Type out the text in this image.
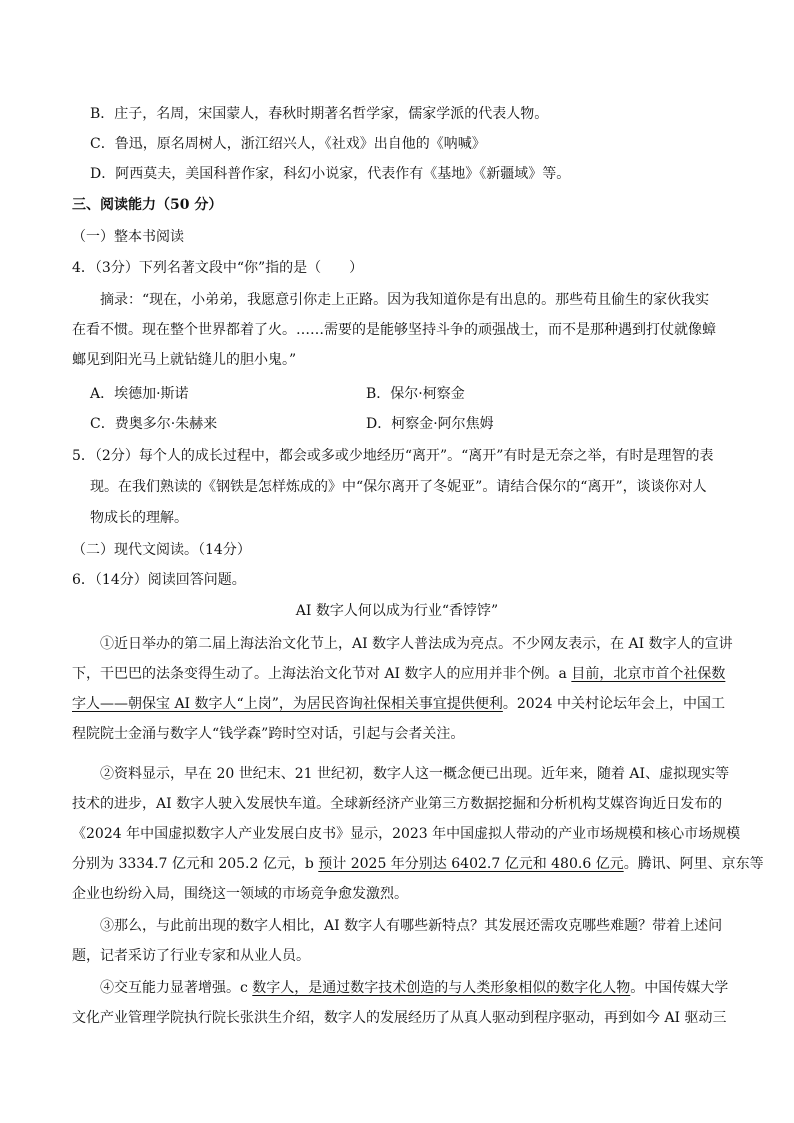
B．庄子，名周，宋国蒙人，春秋时期著名哲学家，儒家学派的代表人物。
C．鲁迅，原名周树人，浙江绍兴人，《社戏》出自他的《呐喊》
D．阿西莫夫，美国科普作家，科幻小说家，代表作有《基地》《新疆域》等。
三、阅读能力（50 分）
（一）整本书阅读
4．（3分）下列名著文段中“你”指的是（　　）
摘录：“现在，小弟弟，我愿意引你走上正路。因为我知道你是有出息的。那些苟且偷生的家伙我实
在看不惯。现在整个世界都着了火。……需要的是能够坚持斗争的顽强战士，而不是那种遇到打仗就像蟑
螂见到阳光马上就钻缝儿的胆小鬼。”
A．埃德加·斯诺	B．保尔·柯察金
C．费奥多尔·朱赫来	D．柯察金·阿尔焦姆
5．（2分）每个人的成长过程中，都会或多或少地经历“离开”。“离开”有时是无奈之举，有时是理智的表
现。在我们熟读的《钢铁是怎样炼成的》中“保尔离开了冬妮亚”。请结合保尔的“离开”，谈谈你对人
物成长的理解。
（二）现代文阅读。（14分）
6．（14分）阅读回答问题。
AI 数字人何以成为行业“香饽饽”
①近日举办的第二届上海法治文化节上，AI 数字人普法成为亮点。不少网友表示，在 AI 数字人的宣讲
下，干巴巴的法条变得生动了。上海法治文化节对 AI 数字人的应用并非个例。a 目前，北京市首个社保数
字人——朝保宝 AI 数字人“上岗”，为居民咨询社保相关事宜提供便利。2024 中关村论坛年会上，中国工
程院院士金涌与数字人“钱学森”跨时空对话，引起与会者关注。
②资料显示，早在 20 世纪末、21 世纪初，数字人这一概念便已出现。近年来，随着 AI、虚拟现实等
技术的进步，AI 数字人驶入发展快车道。全球新经济产业第三方数据挖掘和分析机构艾媒咨询近日发布的
《2024 年中国虚拟数字人产业发展白皮书》显示，2023 年中国虚拟人带动的产业市场规模和核心市场规模
分别为 3334.7 亿元和 205.2 亿元，b 预计 2025 年分别达 6402.7 亿元和 480.6 亿元。腾讯、阿里、京东等
企业也纷纷入局，围绕这一领域的市场竞争愈发激烈。
③那么，与此前出现的数字人相比，AI 数字人有哪些新特点？其发展还需攻克哪些难题？带着上述问
题，记者采访了行业专家和从业人员。
④交互能力显著增强。c 数字人，是通过数字技术创造的与人类形象相似的数字化人物。中国传媒大学
文化产业管理学院执行院长张洪生介绍，数字人的发展经历了从真人驱动到程序驱动，再到如今 AI 驱动三
